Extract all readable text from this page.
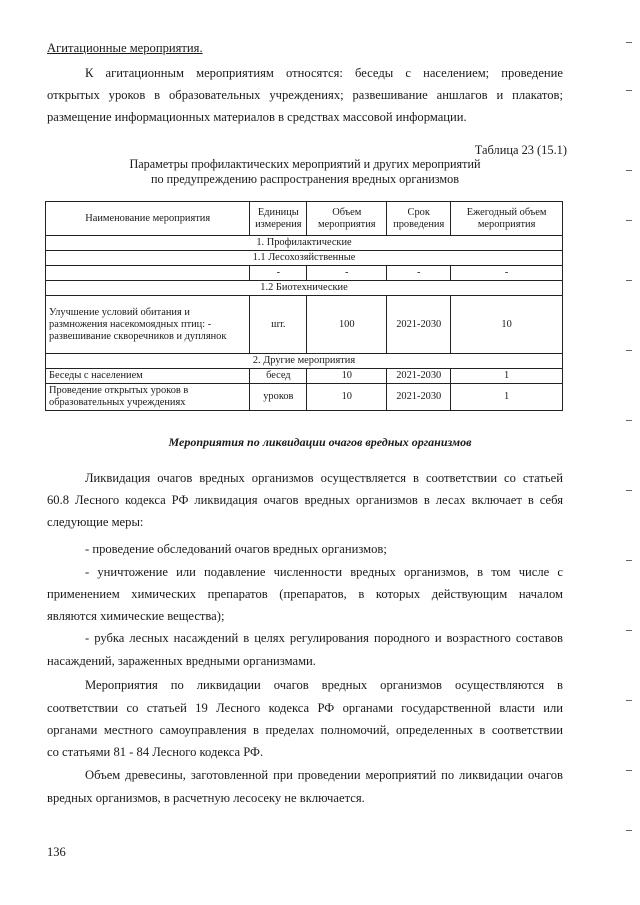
Агитационные мероприятия.

К агитационным мероприятиям относятся: беседы с населением; проведение

открытых уроков в образовательных учреждениях; развешивание аншлагов и плакатов;

размещение информационных материалов в средствах массовой информации.

Таблица 23 (15.1)

Параметры профилактических мероприятий и других мероприятий

по предупреждению распространения вредных организмов

Наименование мероприятия	Единицы измерения	Объем мероприятия	Срок проведения	Ежегодный объем мероприятия
1. Профилактические				
1.1 Лесохозяйственные				
	-	-	-	-
1.2 Биотехнические				
Улучшение условий обитания и размножения насекомоядных птиц: - развешивание скворечников и дуплянок	шт.	100	2021-2030	10
2. Другие мероприятия				
Беседы с населением	бесед	10	2021-2030	1
Проведение открытых уроков в образовательных учреждениях	уроков	10	2021-2030	1
Мероприятия по ликвидации очагов вредных организмов

Ликвидация очагов вредных организмов осуществляется в соответствии со статьей

60.8 Лесного кодекса РФ ликвидация очагов вредных организмов в лесах включает в себя

следующие меры:

- проведение обследований очагов вредных организмов;

- уничтожение или подавление численности вредных организмов, в том числе с

применением химических препаратов (препаратов, в которых действующим началом

являются химические вещества);

- рубка лесных насаждений в целях регулирования породного и возрастного составов

насаждений, зараженных вредными организмами.

Мероприятия по ликвидации очагов вредных организмов осуществляются в

соответствии со статьей 19 Лесного кодекса РФ органами государственной власти или

органами местного самоуправления в пределах полномочий, определенных в соответствии

со статьями 81 - 84 Лесного кодекса РФ.

Объем древесины, заготовленной при проведении мероприятий по ликвидации очагов

вредных организмов, в расчетную лесосеку не включается.

136
